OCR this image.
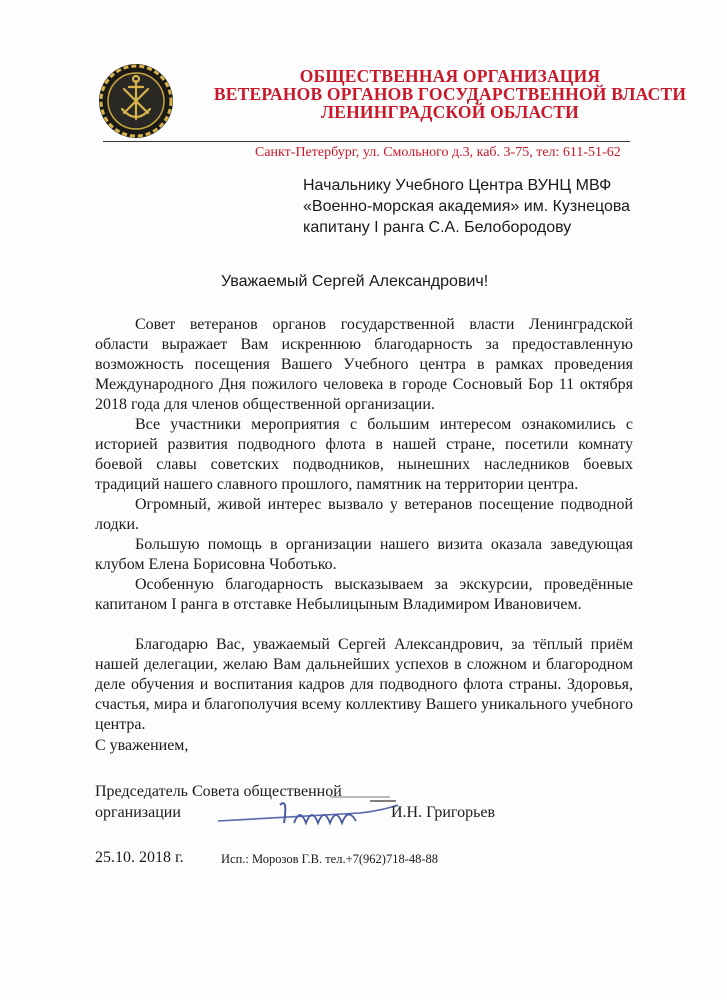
ОБЩЕСТВЕННАЯ ОРГАНИЗАЦИЯ
ВЕТЕРАНОВ ОРГАНОВ ГОСУДАРСТВЕННОЙ ВЛАСТИ
ЛЕНИНГРАДСКОЙ ОБЛАСТИ
Санкт-Петербург, ул. Смольного д.3, каб. 3-75, тел: 611-51-62
Начальнику Учебного Центра ВУНЦ МВФ
«Военно-морская академия» им. Кузнецова
капитану I ранга С.А. Белобородову
Уважаемый Сергей Александрович!

Совет ветеранов органов государственной власти Ленинградской области выражает Вам искреннюю благодарность за предоставленную возможность посещения Вашего Учебного центра в рамках проведения Международного Дня пожилого человека в городе Сосновый Бор 11 октября 2018 года для членов общественной организации.

Все участники мероприятия с большим интересом ознакомились с историей развития подводного флота в нашей стране, посетили комнату боевой славы советских подводников, нынешних наследников боевых традиций нашего славного прошлого, памятник на территории центра.

Огромный, живой интерес вызвало у ветеранов посещение подводной лодки.

Большую помощь в организации нашего визита оказала заведующая клубом Елена Борисовна Чоботько.

Особенную благодарность высказываем за экскурсии, проведённые капитаном I ранга в отставке Небылицыным Владимиром Ивановичем.

Благодарю Вас, уважаемый Сергей Александрович, за тёплый приём нашей делегации, желаю Вам дальнейших успехов в сложном и благородном деле обучения и воспитания кадров для подводного флота страны. Здоровья, счастья, мира и благополучия всему коллективу Вашего уникального учебного центра.

С уважением,
Председатель Совета общественной
организации	И.Н. Григорьев
25.10. 2018 г.	Исп.: Морозов Г.В. тел.+7(962)718-48-88
